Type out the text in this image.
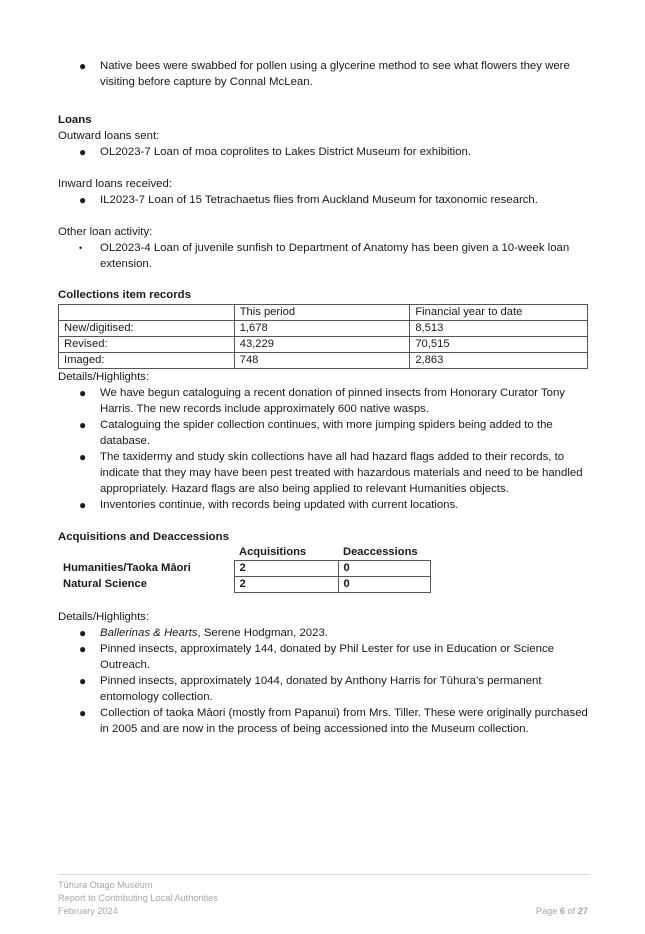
● Native bees were swabbed for pollen using a glycerine method to see what flowers they were visiting before capture by Connal McLean.

Loans

Outward loans sent:

● OL2023-7 Loan of moa coprolites to Lakes District Museum for exhibition.

Inward loans received:

● IL2023-7 Loan of 15 Tetrachaetus flies from Auckland Museum for taxonomic research.

Other loan activity:

• OL2023-4 Loan of juvenile sunfish to Department of Anatomy has been given a 10-week loan extension.

Collections item records

	This period	Financial year to date
New/digitised:	1,678	8,513
Revised:	43,229	70,515
Imaged:	748	2,863

Details/Highlights:

● We have begun cataloguing a recent donation of pinned insects from Honorary Curator Tony Harris. The new records include approximately 600 native wasps.
● Cataloguing the spider collection continues, with more jumping spiders being added to the database.
● The taxidermy and study skin collections have all had hazard flags added to their records, to indicate that they may have been pest treated with hazardous materials and need to be handled appropriately. Hazard flags are also being applied to relevant Humanities objects.
● Inventories continue, with records being updated with current locations.

Acquisitions and Deaccessions

	Acquisitions	Deaccessions
Humanities/Taoka Māori	2	0
Natural Science	2	0

Details/Highlights:

● Ballerinas & Hearts, Serene Hodgman, 2023.
● Pinned insects, approximately 144, donated by Phil Lester for use in Education or Science Outreach.
● Pinned insects, approximately 1044, donated by Anthony Harris for Tūhura’s permanent entomology collection.
● Collection of taoka Māori (mostly from Papanui) from Mrs. Tiller. These were originally purchased in 2005 and are now in the process of being accessioned into the Museum collection.
Tūhura Otago Museum
Report to Contributing Local Authorities
February 2024	Page 6 of 27
